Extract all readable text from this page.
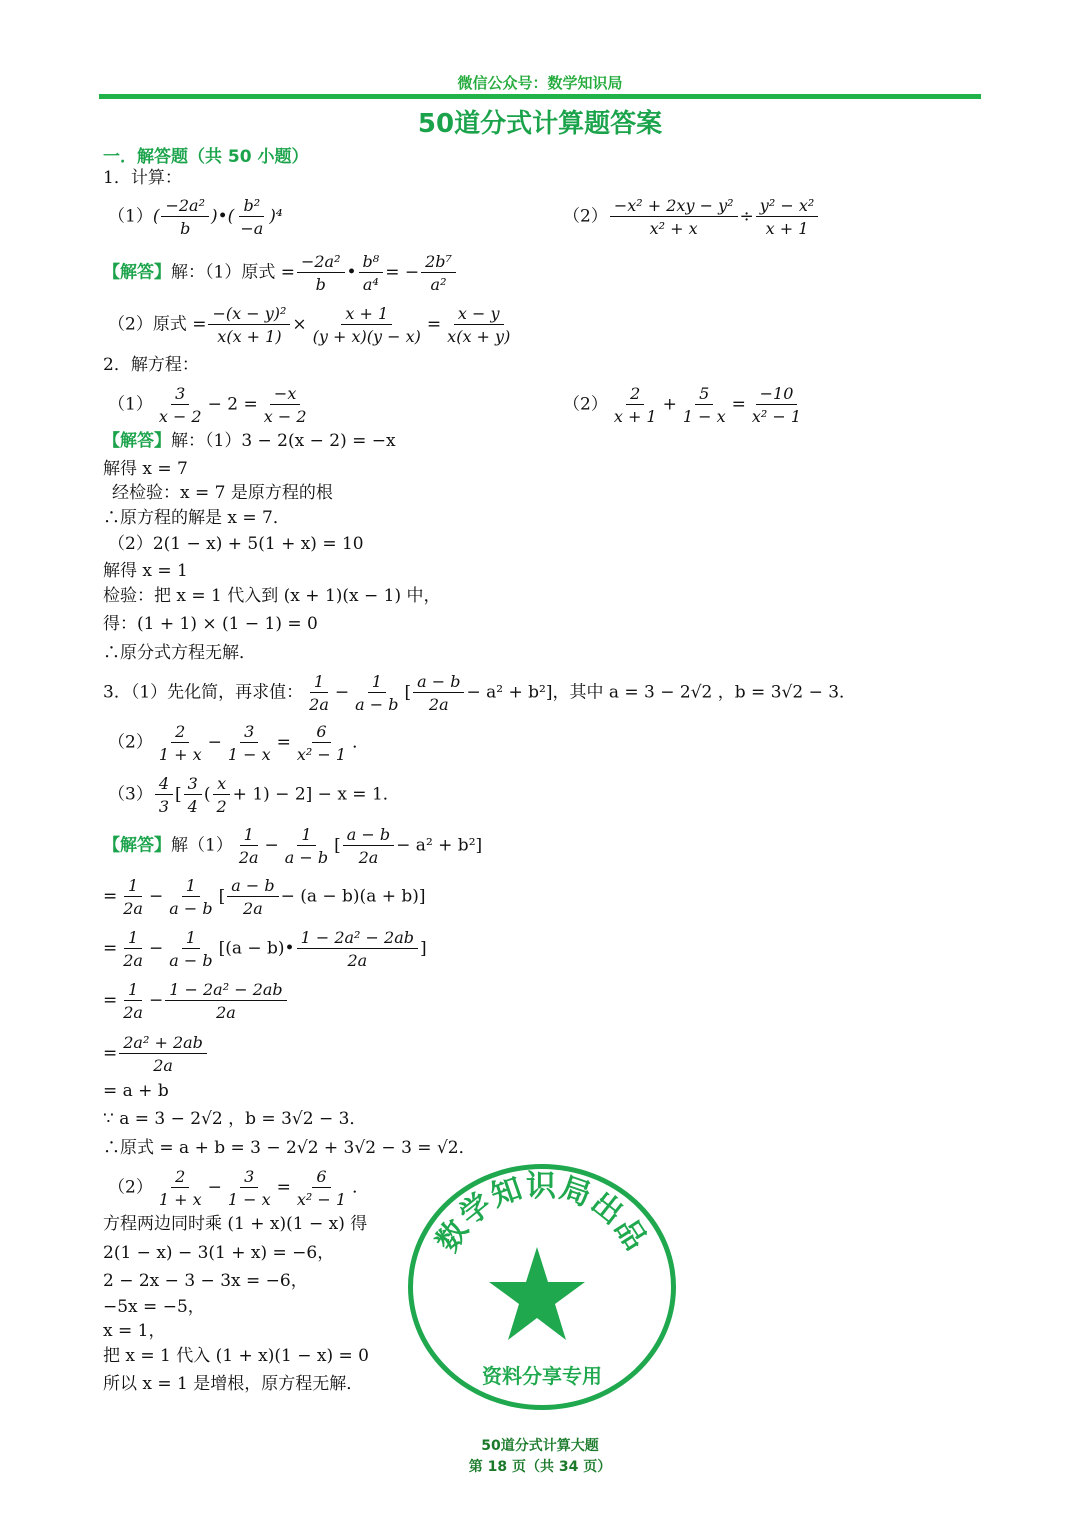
微信公众号：数学知识局
50道分式计算题答案
一．解答题（共 50 小题）
1．计算：
$(1)( \frac{\text{−2a²}}{b}$ )•( $\frac{\text{b²}}{-a} )^4$	$(2) \frac{\text{−x² + 2xy − y²}}{\text{x² + x}} \div \frac{\text{y² − x²}}{x + 1}$
【解答】解：（1）原式 = $\frac{\text{−2a²}}{b}$ • $\frac{\text{b⁸}}{\text{a⁴}}$ = − $\frac{\text{2b⁷}}{\text{a²}}$
（2）原式 = $\frac{\text{−(x − y)²}}{x(x + 1)} \times \frac{x + 1}{(y + x)(y - x)} = \frac{x - y}{x(x + y)}$
2．解方程：
$(1) \frac{3}{x - 2} - 2 = \frac{-x}{x - 2}$	$(2) \frac{2}{x + 1} + \frac{5}{1 - x} = \frac{-10}{\text{x² − 1}}$
【解答】解：（1）3 − 2(x − 2) = −x
解得 x = 7
经检验：x = 7 是原方程的根
∴原方程的解是 x = 7．
（2）2(1 − x) + 5(1 + x) = 10
解得 x = 1
检验：把 x = 1 代入到 (x + 1)(x − 1) 中，
得：(1 + 1) × (1 − 1) = 0
∴原分式方程无解．
3．（1）先化简，再求值： $\frac{1}{2a} - \frac{1}{a - b}$ [ $\frac{a - b}{2a} - a^2 + b^2$]，其中 a = 3 − 2√2 ，b = 3√2 − 3．
$(2) \frac{2}{1 + x} - \frac{3}{1 - x} = \frac{6}{\text{x² − 1}}$ ．
$(3) \frac{4}{3}$ [ $\frac{3}{4}$ ( $\frac{x}{2} + 1) - 2] - x = 1$．
【解答】解$(1) \frac{1}{2a} - \frac{1}{a - b}$ [ $\frac{a - b}{2a} - a^2 + b^2$]
= $\frac{1}{2a} - \frac{1}{a - b}$ [ $\frac{a - b}{2a} - (a - b)(a + b)$]
= $\frac{1}{2a} - \frac{1}{a - b} [(a$ − b)• $\frac{\text{1 − 2a² − 2ab}}{2a}$ ]
= $\frac{1}{2a} - \frac{\text{1 − 2a² − 2ab}}{2a}$
= $\frac{\text{2a² + 2ab}}{2a}$
= a + b
∵ a = 3 − 2√2 ，b = 3√2 − 3．
∴原式 = a + b = 3 − 2√2 + 3√2 − 3 = √2．
$(2) \frac{2}{1 + x} - \frac{3}{1 - x} = \frac{6}{\text{x² − 1}}$ ．
方程两边同时乘 (1 + x)(1 − x) 得
2(1 − x) − 3(1 + x) = −6，
2 − 2x − 3 − 3x = −6，
−5x = −5，
x = 1，
把 x = 1 代入 (1 + x)(1 − x) = 0
所以 x = 1 是增根，原方程无解．
数学知识局出品
资料分享专用
50道分式计算大题
第 18 页（共 34 页）
